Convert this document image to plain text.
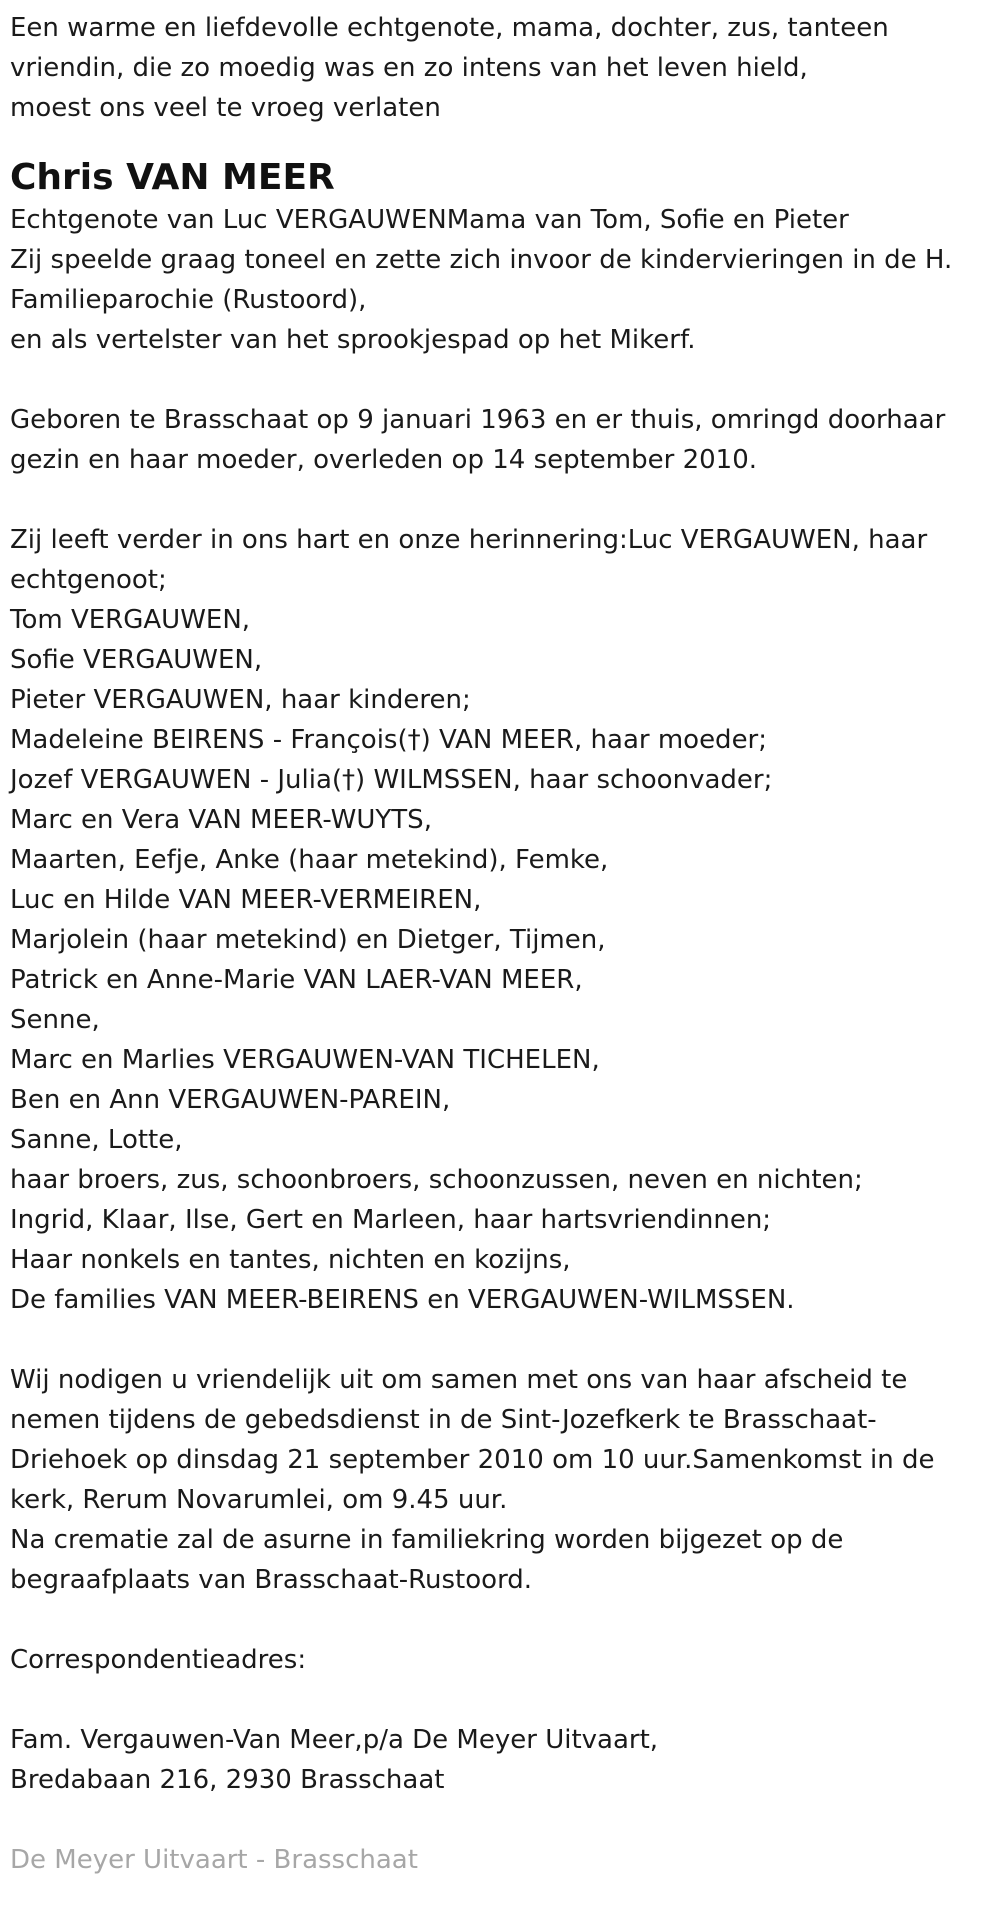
Een warme en liefdevolle echtgenote, mama, dochter, zus, tanteen
vriendin, die zo moedig was en zo intens van het leven hield,
moest ons veel te vroeg verlaten

Chris VAN MEER

Echtgenote van Luc VERGAUWENMama van Tom, Sofie en Pieter
Zij speelde graag toneel en zette zich invoor de kindervieringen in de H.
Familieparochie (Rustoord),
en als vertelster van het sprookjespad op het Mikerf.

Geboren te Brasschaat op 9 januari 1963 en er thuis, omringd doorhaar
gezin en haar moeder, overleden op 14 september 2010.

Zij leeft verder in ons hart en onze herinnering:Luc VERGAUWEN, haar
echtgenoot;
Tom VERGAUWEN,
Sofie VERGAUWEN,
Pieter VERGAUWEN, haar kinderen;
Madeleine BEIRENS - François(†) VAN MEER, haar moeder;
Jozef VERGAUWEN - Julia(†) WILMSSEN, haar schoonvader;
Marc en Vera VAN MEER-WUYTS,
Maarten, Eefje, Anke (haar metekind), Femke,
Luc en Hilde VAN MEER-VERMEIREN,
Marjolein (haar metekind) en Dietger, Tijmen,
Patrick en Anne-Marie VAN LAER-VAN MEER,
Senne,
Marc en Marlies VERGAUWEN-VAN TICHELEN,
Ben en Ann VERGAUWEN-PAREIN,
Sanne, Lotte,
haar broers, zus, schoonbroers, schoonzussen, neven en nichten;
Ingrid, Klaar, Ilse, Gert en Marleen, haar hartsvriendinnen;
Haar nonkels en tantes, nichten en kozijns,
De families VAN MEER-BEIRENS en VERGAUWEN-WILMSSEN.

Wij nodigen u vriendelijk uit om samen met ons van haar afscheid te
nemen tijdens de gebedsdienst in de Sint-Jozefkerk te Brasschaat-
Driehoek op dinsdag 21 september 2010 om 10 uur.Samenkomst in de
kerk, Rerum Novarumlei, om 9.45 uur.
Na crematie zal de asurne in familiekring worden bijgezet op de
begraafplaats van Brasschaat-Rustoord.

Correspondentieadres:

Fam. Vergauwen-Van Meer,p/a De Meyer Uitvaart,
Bredabaan 216, 2930 Brasschaat

De Meyer Uitvaart - Brasschaat
